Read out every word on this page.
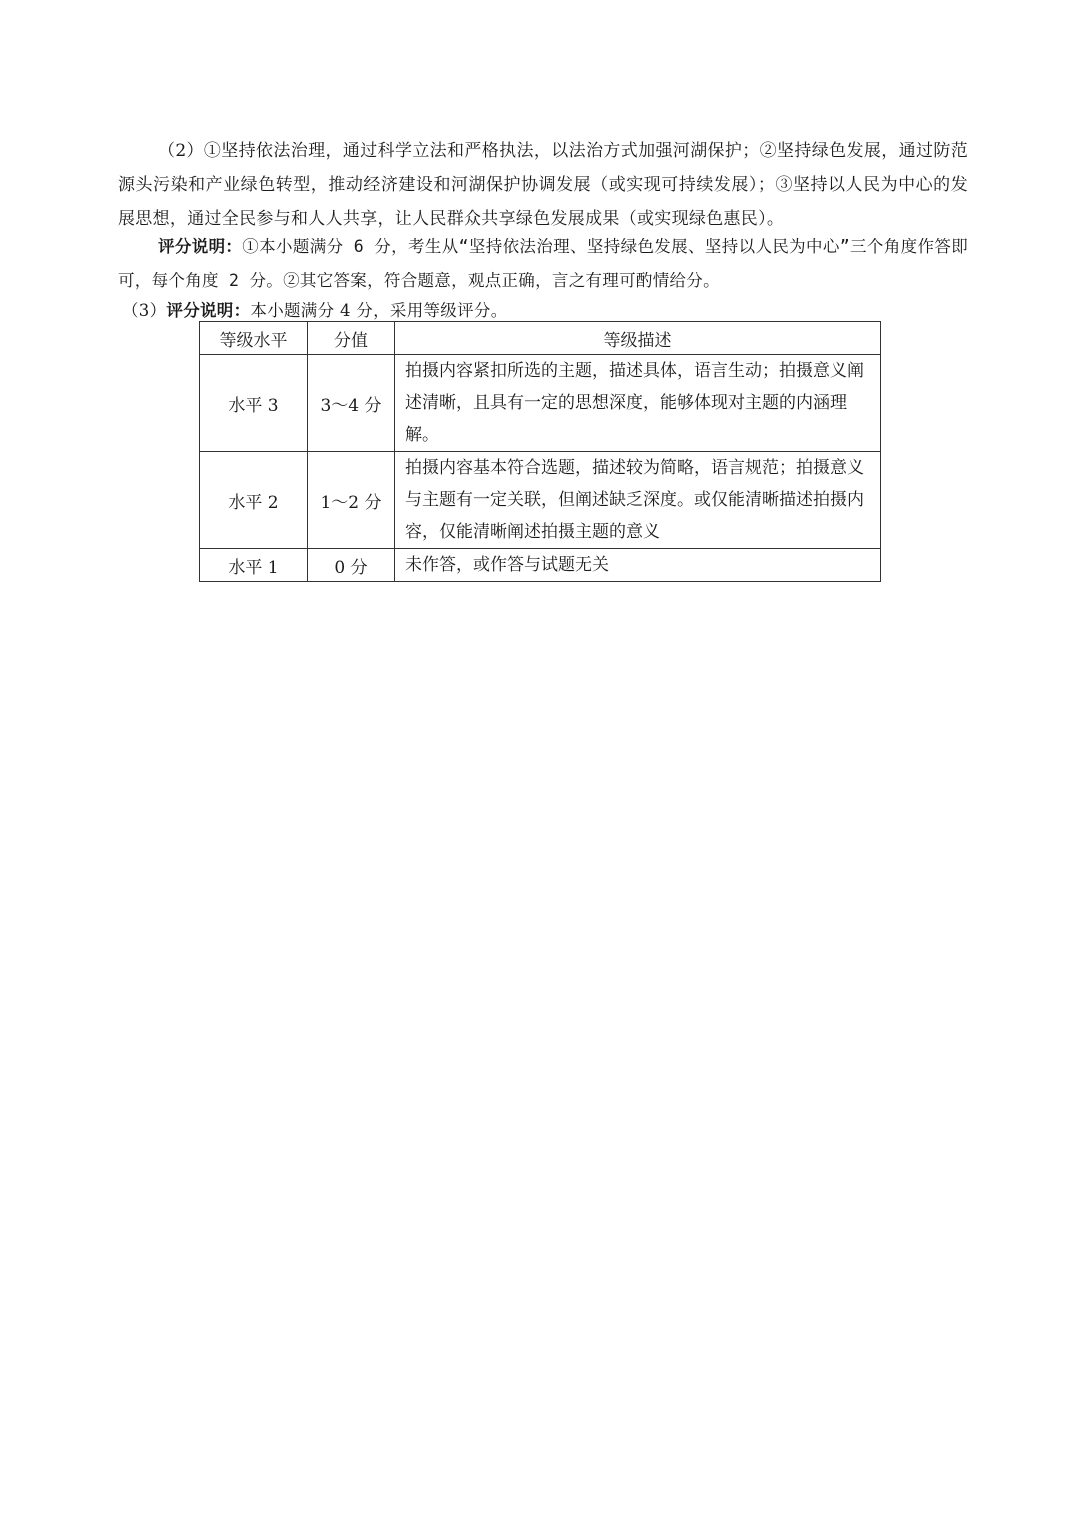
（2）①坚持依法治理，通过科学立法和严格执法，以法治方式加强河湖保护；②坚持绿色发展，通过防范源头污染和产业绿色转型，推动经济建设和河湖保护协调发展（或实现可持续发展）；③坚持以人民为中心的发展思想，通过全民参与和人人共享，让人民群众共享绿色发展成果（或实现绿色惠民）。

评分说明：①本小题满分 6 分，考生从“坚持依法治理、坚持绿色发展、坚持以人民为中心”三个角度作答即可，每个角度 2 分。②其它答案，符合题意，观点正确，言之有理可酌情给分。

（3）评分说明：本小题满分 4 分，采用等级评分。

等级水平	分值	等级描述
水平 3	3～4 分	拍摄内容紧扣所选的主题，描述具体，语言生动；拍摄意义阐述清晰，且具有一定的思想深度，能够体现对主题的内涵理解。
水平 2	1～2 分	拍摄内容基本符合选题，描述较为简略，语言规范；拍摄意义与主题有一定关联，但阐述缺乏深度。或仅能清晰描述拍摄内容，仅能清晰阐述拍摄主题的意义
水平 1	0 分	未作答，或作答与试题无关
